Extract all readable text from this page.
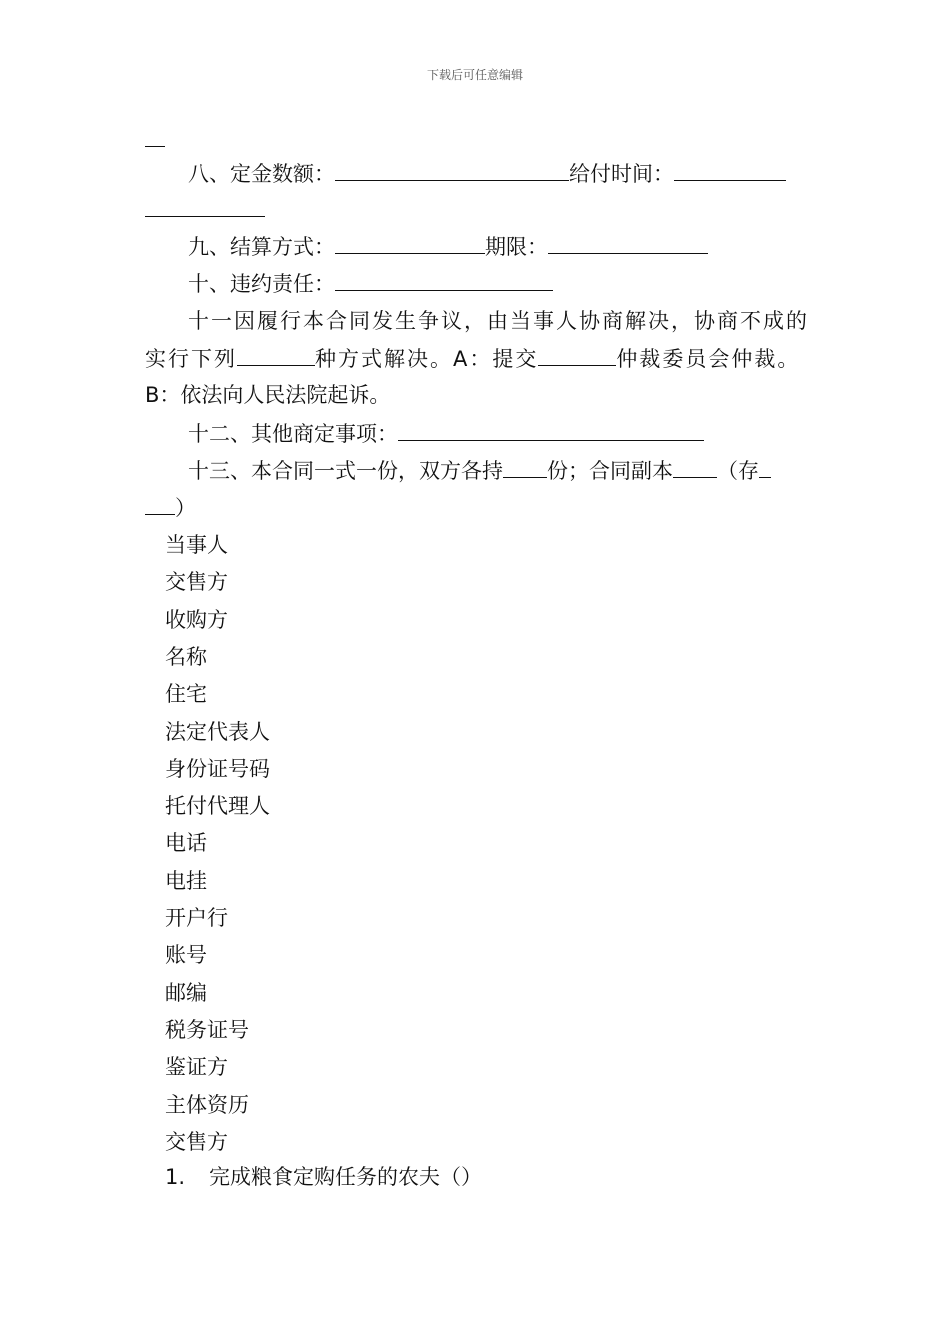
下载后可任意编辑
八、定金数额：	给付时间：
九、结算方式：	期限：
十、违约责任：
十一因履行本合同发生争议，由当事人协商解决，协商不成的
实行下列	种方式解决。A：提交	仲裁委员会仲裁。
B：依法向人民法院起诉。
十二、其他商定事项：
十三、本合同一式一份，双方各持 份；合同副本 （存
）
当事人
交售方
收购方
名称
住宅
法定代表人
身份证号码
托付代理人
电话
电挂
开户行
账号
邮编
税务证号
鉴证方
主体资历
交售方
1. 完成粮食定购任务的农夫（）
